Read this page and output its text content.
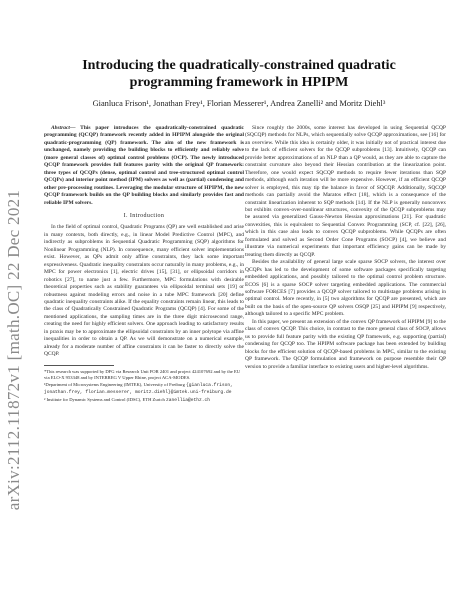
arXiv:2112.11872v1 [math.OC] 22 Dec 2021
Introducing the quadratically-constrained quadratic programming framework in HPIPM
Gianluca Frison¹, Jonathan Frey¹, Florian Messerer¹, Andrea Zanelli² and Moritz Diehl³

Abstract— This paper introduces the quadratically-constrained quadratic programming (QCQP) framework recently added in HPIPM alongside the original quadratic-programming (QP) framework. The aim of the new framework is unchanged, namely providing the building blocks to efficiently and reliably solve (more general classes of) optimal control problems (OCP). The newly introduced QCQP framework provides full features parity with the original QP framework: three types of QCQPs (dense, optimal control and tree-structured optimal control QCQPs) and interior point method (IPM) solvers as well as (partial) condensing and other pre-processing routines. Leveraging the modular structure of HPIPM, the new QCQP framework builds on the QP building blocks and similarly provides fast and reliable IPM solvers.

I. Introduction

In the field of optimal control, Quadratic Programs (QP) are well established and arise in many contexts, both directly, e.g., in linear Model Predictive Control (MPC), and indirectly as subproblems in Sequential Quadratic Programming (SQP) algorithms for Nonlinear Programming (NLP). In consequence, many efficient solver implementations exist. However, as QPs admit only affine constraints, they lack some important expressiveness. Quadratic inequality constraints occur naturally in many problems, e.g., in MPC for power electronics [1], electric drives [15], [31], or ellipsoidal corridors in robotics [27], to name just a few. Furthermore, MPC formulations with desirable theoretical properties such as stability guarantees via ellipsoidal terminal sets [19] or robustness against modeling errors and noise in a tube MPC framework [20] define quadratic inequality constraints alike. If the equality constraints remain linear, this leads to the class of Quadratically Constrained Quadratic Programs (QCQP) [4]. For some of the mentioned applications, the sampling times are in the three digit microsecond range, creating the need for highly efficient solvers. One approach leading to satisfactory results in praxis may be to approximate the ellipsoidal constraints by an inner polytope via affine inequalities in order to obtain a QP. As we will demonstrate on a numerical example, already for a moderate number of affine constraints it can be faster to directly solve the QCQP.

*This research was supported by DFG via Research Unit FOR 2401 and project 424107692 and by the EU via ELO-X 953348 and by INTERREG V Upper Rhine, project ACA-MODES.

¹Department of Microsystems Engineering (IMTEK), University of Freiburg {gianluca.frison, jonathan.frey, florian.messerer, moritz.diehl}@imtek.uni-freiburg.de

² Institute for Dynamic Systems and Control (IDSC), ETH Zurich zanellia@ethz.ch

Since roughly the 2000s, some interest has developed in using Sequential QCQP (SQCQP) methods for NLPs, which sequentially solve QCQP approximations, see [16] for an overview. While this idea is certainly older, it was initially not of practical interest due to the lack of efficient solvers for the QCQP subproblems [13]. Intuitively, QCQP can provide better approximations of an NLP than a QP would, as they are able to capture the constraint curvature also beyond their Hessian contribution at the linearization point. Therefore, one would expect SQCQP methods to require fewer iterations than SQP methods, although each iteration will be more expensive. However, if an efficient QCQP solver is employed, this may tip the balance in favor of SQCQP. Additionally, SQCQP methods can partially avoid the Maratos effect [18], which is a consequence of the constraint linearization inherent to SQP methods [14]. If the NLP is generally nonconvex but exhibits convex-over-nonlinear structures, convexity of the QCQP subproblems may be assured via generalized Gauss-Newton Hessian approximations [21]. For quadratic convexities, this is equivalent to Sequential Convex Programming (SCP, cf. [22], [26], which in this case also leads to convex QCQP subproblems. While QCQPs are often formulated and solved as Second Order Cone Programs (SOCP) [4], we believe and illustrate via numerical experiments that important efficiency gains can be made by treating them directly as QCQP.

Besides the availability of general large scale sparse SOCP solvers, the interest over QCQPs has led to the development of some software packages specifically targeting embedded applications, and possibly tailored to the optimal control problem structure. ECOS [6] is a sparse SOCP solver targeting embedded applications. The commercial software FORCES [7] provides a QCQP solver tailored to multistage problems arising in optimal control. More recently, in [5] two algorithms for QCQP are presented, which are built on the basis of the open-source QP solvers OSQP [25] and HPIPM [9] respectively, although tailored to a specific MPC problem.

In this paper, we present an extension of the convex QP framework of HPIPM [9] to the class of convex QCQP. This choice, in contrast to the more general class of SOCP, allows us to provide full feature parity with the existing QP framework, e.g. supporting (partial) condensing for QCQP too. The HPIPM software package has been extended by building blocks for the efficient solution of QCQP-based problems in MPC, similar to the existing QP framework. The QCQP formulation and framework on purpose resemble their QP version to provide a familiar interface to existing users and higher-level algorithms.
